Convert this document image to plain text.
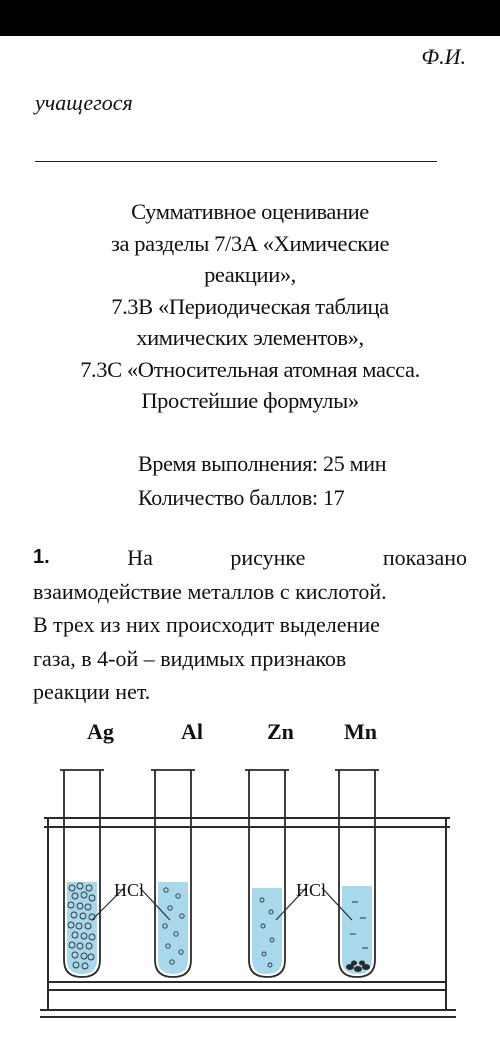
Ф.И.
учащегося
Суммативное оценивание
за разделы 7/3А «Химические
реакции»,
7.3В «Периодическая таблица
химических элементов»,
7.3С «Относительная атомная масса.
Простейшие формулы»
Время выполнения: 25 мин
Количество баллов: 17
1.	На	рисунке	показано
взаимодействие металлов с кислотой.
В трех из них происходит выделение
газа, в 4-ой – видимых признаков
реакции нет.
Ag	Al	Zn Mn
HCl	HCl
